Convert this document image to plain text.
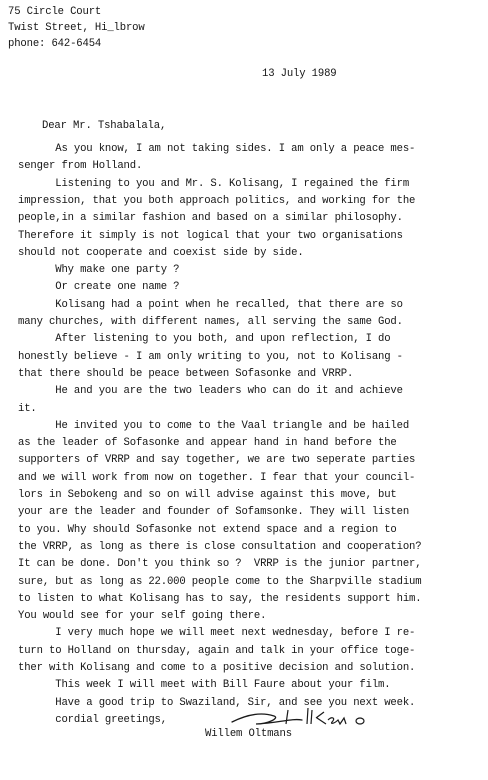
75 Circle Court
Twist Street, Hi_lbrow
phone: 642-6454
13 July 1989
Dear Mr. Tshabalala,
As you know, I am not taking sides. I am only a peace mes-
senger from Holland.
Listening to you and Mr. S. Kolisang, I regained the firm
impression, that you both approach politics, and working for the
people,in a similar fashion and based on a similar philosophy.
Therefore it simply is not logical that your two organisations
should not cooperate and coexist side by side.
Why make one party ?
Or create one name ?
Kolisang had a point when he recalled, that there are so
many churches, with different names, all serving the same God.
After listening to you both, and upon reflection, I do
honestly believe - I am only writing to you, not to Kolisang -
that there should be peace between Sofasonke and VRRP.
He and you are the two leaders who can do it and achieve
it.
He invited you to come to the Vaal triangle and be hailed
as the leader of Sofasonke and appear hand in hand before the
supporters of VRRP and say together, we are two seperate parties
and we will work from now on together. I fear that your council-
lors in Sebokeng and so on will advise against this move, but
your are the leader and founder of Sofamsonke. They will listen
to you. Why should Sofasonke not extend space and a region to
the VRRP, as long as there is close consultation and cooperation?
It can be done. Don't you think so ?  VRRP is the junior partner,
sure, but as long as 22.000 people come to the Sharpville stadium
to listen to what Kolisang has to say, the residents support him.
You would see for your self going there.
I very much hope we will meet next wednesday, before I re-
turn to Holland on thursday, again and talk in your office toge-
ther with Kolisang and come to a positive decision and solution.
This week I will meet with Bill Faure about your film.
Have a good trip to Swaziland, Sir, and see you next week.
cordial greetings,
Willem Oltmans
